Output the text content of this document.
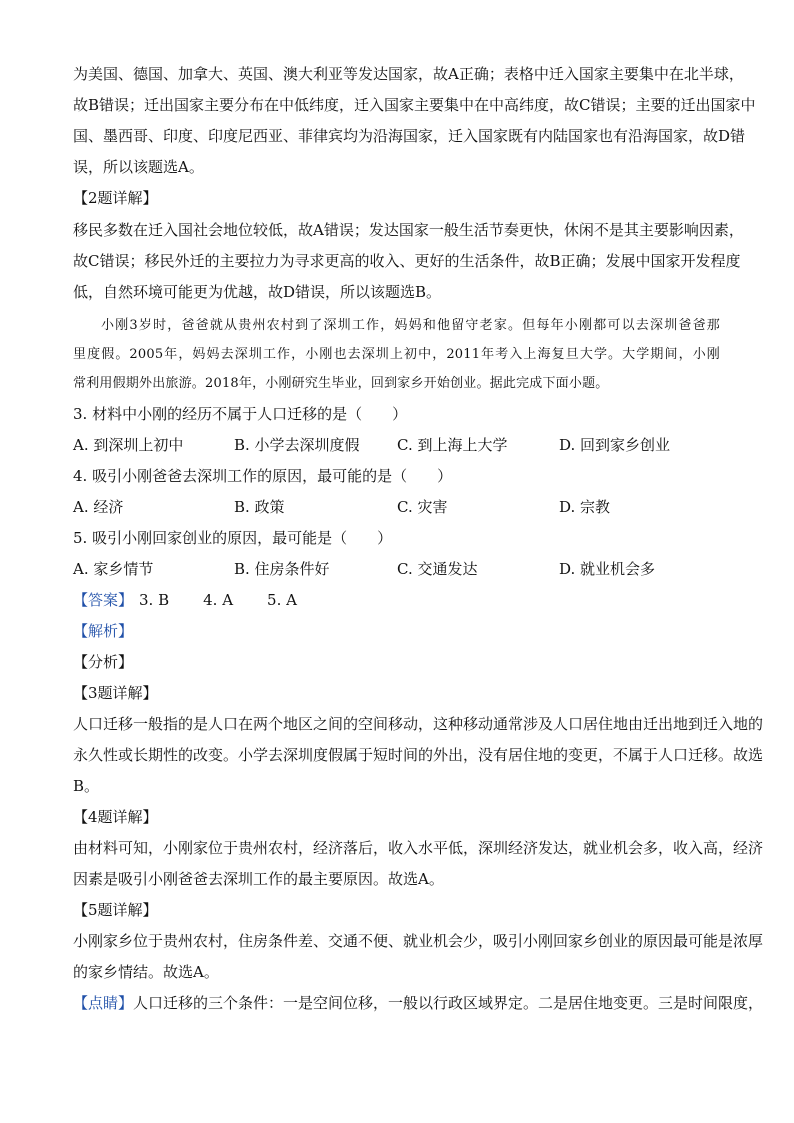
为美国、德国、加拿大、英国、澳大利亚等发达国家，故A正确；表格中迁入国家主要集中在北半球，
故B错误；迁出国家主要分布在中低纬度，迁入国家主要集中在中高纬度，故C错误；主要的迁出国家中
国、墨西哥、印度、印度尼西亚、菲律宾均为沿海国家，迁入国家既有内陆国家也有沿海国家，故D错
误，所以该题选A。
【2题详解】
移民多数在迁入国社会地位较低，故A错误；发达国家一般生活节奏更快，休闲不是其主要影响因素，
故C错误；移民外迁的主要拉力为寻求更高的收入、更好的生活条件，故B正确；发展中国家开发程度
低，自然环境可能更为优越，故D错误，所以该题选B。
小刚3岁时，爸爸就从贵州农村到了深圳工作，妈妈和他留守老家。但每年小刚都可以去深圳爸爸那
里度假。2005年，妈妈去深圳工作，小刚也去深圳上初中，2011年考入上海复旦大学。大学期间，小刚
常利用假期外出旅游。2018年，小刚研究生毕业，回到家乡开始创业。据此完成下面小题。
3. 材料中小刚的经历不属于人口迁移的是（　　）
A. 到深圳上初中	B. 小学去深圳度假 C. 到上海上大学	D. 回到家乡创业
4. 吸引小刚爸爸去深圳工作的原因，最可能的是（　　）
A. 经济	B. 政策	C. 灾害	D. 宗教
5. 吸引小刚回家创业的原因，最可能是（　　）
A. 家乡情节	B. 住房条件好	C. 交通发达	D. 就业机会多
【答案】 3. B 4. A 5. A
【解析】
【分析】
【3题详解】
人口迁移一般指的是人口在两个地区之间的空间移动，这种移动通常涉及人口居住地由迁出地到迁入地的
永久性或长期性的改变。小学去深圳度假属于短时间的外出，没有居住地的变更，不属于人口迁移。故选
B。
【4题详解】
由材料可知，小刚家位于贵州农村，经济落后，收入水平低，深圳经济发达，就业机会多，收入高，经济
因素是吸引小刚爸爸去深圳工作的最主要原因。故选A。
【5题详解】
小刚家乡位于贵州农村，住房条件差、交通不便、就业机会少，吸引小刚回家乡创业的原因最可能是浓厚
的家乡情结。故选A。
【点睛】人口迁移的三个条件：一是空间位移，一般以行政区域界定。二是居住地变更。三是时间限度，
